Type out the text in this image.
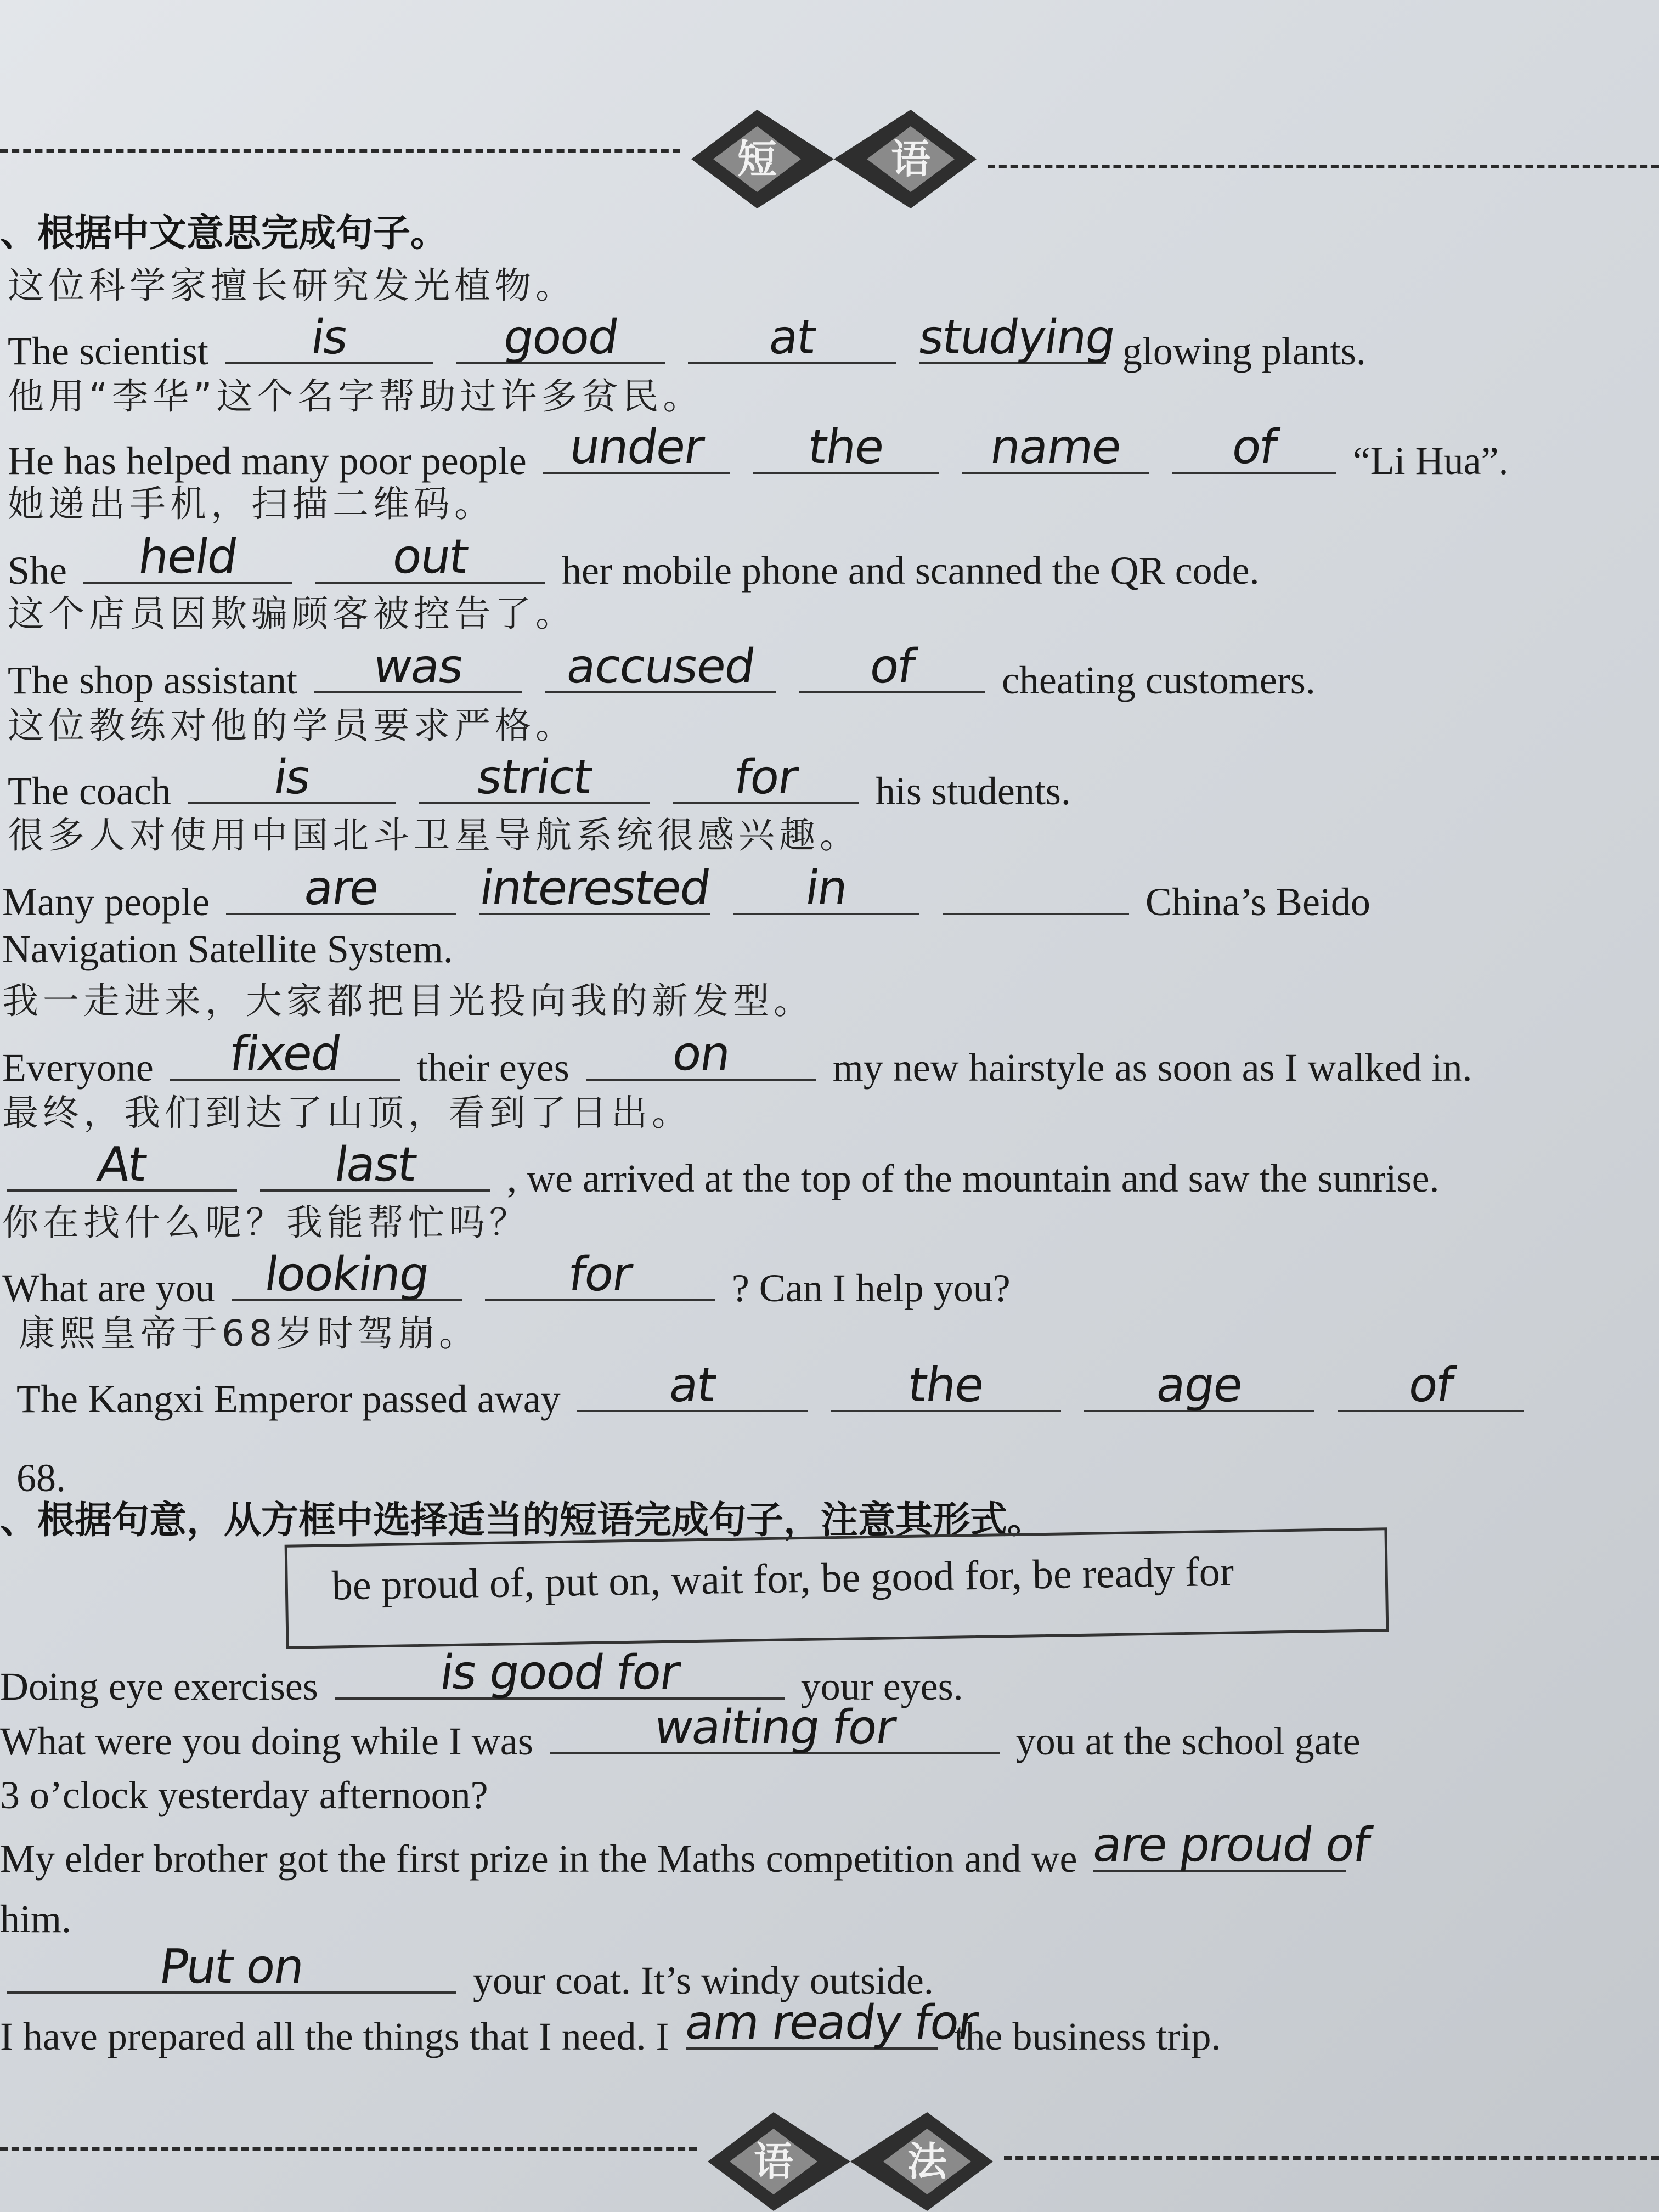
短	语
、根据中文意思完成句子。
这位科学家擅长研究发光植物。
The scientist	is
	good
	at
	studying glowing plants.
他用“李华”这个名字帮助过许多贫民。
He has helped many poor people under
	the
	name
	of	“Li Hua”.
她递出手机，扫描二维码。
She	held
	out	her mobile phone and scanned the QR code.
这个店员因欺骗顾客被控告了。
The shop assistant	was
	accused
	of	cheating customers.
这位教练对他的学员要求严格。
The coach	is
	strict
	for	his students.
很多人对使用中国北斗卫星导航系统很感兴趣。
Many people	are
	interested
	in
	China’s Beido
Navigation Satellite System.
我一走进来，大家都把目光投向我的新发型。
Everyone	fixed	their eyes	on	my new hairstyle as soon as I walked in.
最终，我们到达了山顶，看到了日出。
At
	last	, we arrived at the top of the mountain and saw the sunrise.
你在找什么呢？我能帮忙吗？
What are you looking
	for	? Can I help you?
康熙皇帝于68岁时驾崩。
The Kangxi Emperor passed away	at
	the
	age
	of
68.
、根据句意，从方框中选择适当的短语完成句子，注意其形式。
be proud of, put on, wait for, be good for, be ready for
Doing eye exercises	is good for	your eyes.
What were you doing while I was	waiting for	you at the school gate
3 o’clock yesterday afternoon?
My elder brother got the first prize in the Maths competition and we are proud of
him.
Put on	your coat. It’s windy outside.
I have prepared all the things that I need. I am ready for
the business trip.
语	法
